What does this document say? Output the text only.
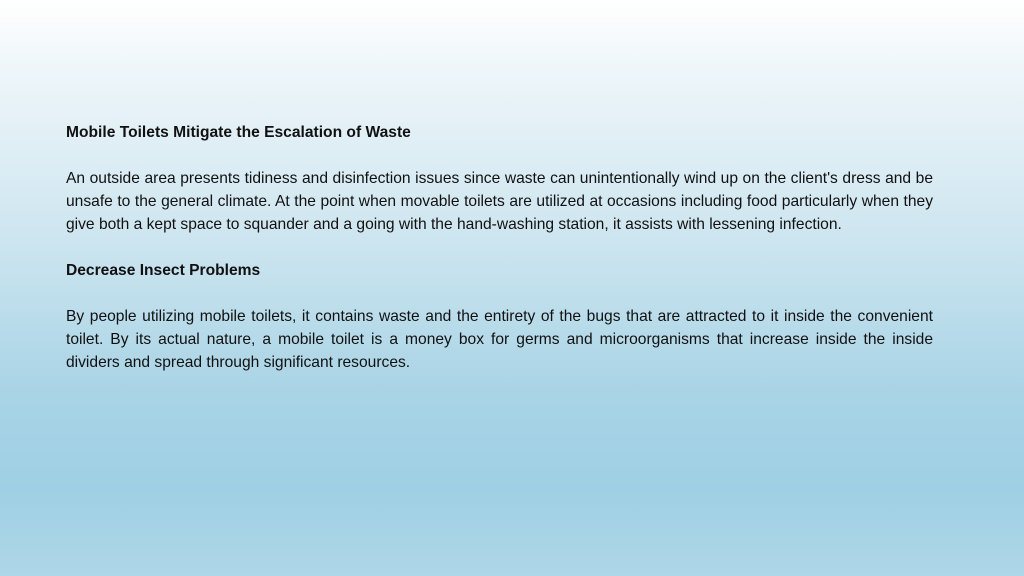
Mobile Toilets Mitigate the Escalation of Waste

An outside area presents tidiness and disinfection issues since waste can unintentionally wind up on the client's dress and be unsafe to the general climate. At the point when movable toilets are utilized at occasions including food particularly when they give both a kept space to squander and a going with the hand-washing station, it assists with lessening infection.

Decrease Insect Problems

By people utilizing mobile toilets, it contains waste and the entirety of the bugs that are attracted to it inside the convenient toilet. By its actual nature, a mobile toilet is a money box for germs and microorganisms that increase inside the inside dividers and spread through significant resources.
